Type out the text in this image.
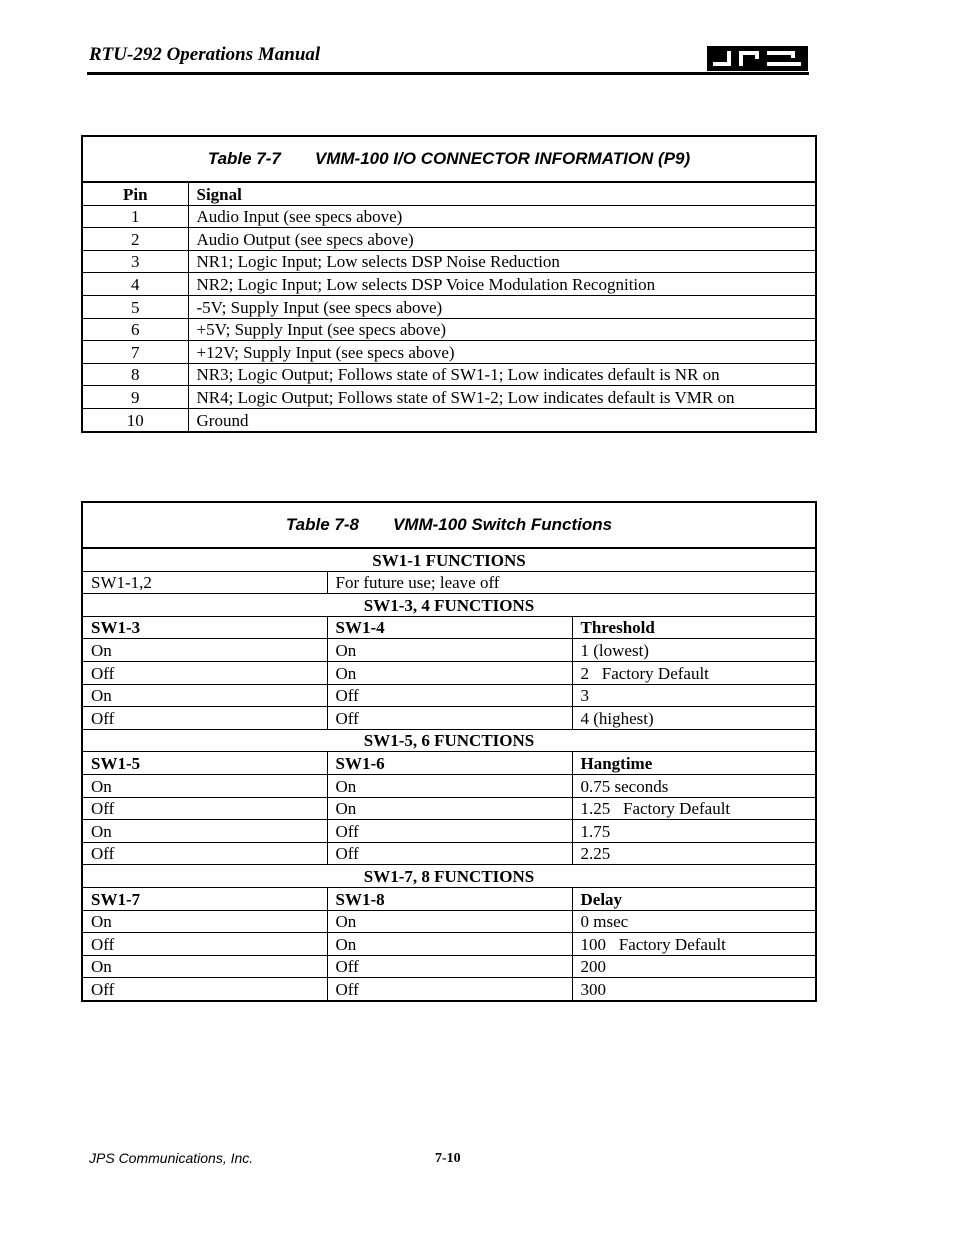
RTU-292 Operations Manual
Table 7-7 VMM-100 I/O CONNECTOR INFORMATION (P9)	
Pin	Signal
1	Audio Input (see specs above)
2	Audio Output (see specs above)
3	NR1; Logic Input; Low selects DSP Noise Reduction
4	NR2; Logic Input; Low selects DSP Voice Modulation Recognition
5	-5V; Supply Input (see specs above)
6	+5V; Supply Input (see specs above)
7	+12V; Supply Input (see specs above)
8	NR3; Logic Output; Follows state of SW1-1; Low indicates default is NR on
9	NR4; Logic Output; Follows state of SW1-2; Low indicates default is VMR on
10	Ground
Table 7-8 VMM-100 Switch Functions		
SW1-1 FUNCTIONS		
SW1-1,2	For future use; leave off	
SW1-3, 4 FUNCTIONS		
SW1-3	SW1-4	Threshold
On	On	1 (lowest)
Off	On	2   Factory Default
On	Off	3
Off	Off	4 (highest)
SW1-5, 6 FUNCTIONS		
SW1-5	SW1-6	Hangtime
On	On	0.75 seconds
Off	On	1.25   Factory Default
On	Off	1.75
Off	Off	2.25
SW1-7, 8 FUNCTIONS		
SW1-7	SW1-8	Delay
On	On	0 msec
Off	On	100   Factory Default
On	Off	200
Off	Off	300
JPS Communications, Inc.	7-10
